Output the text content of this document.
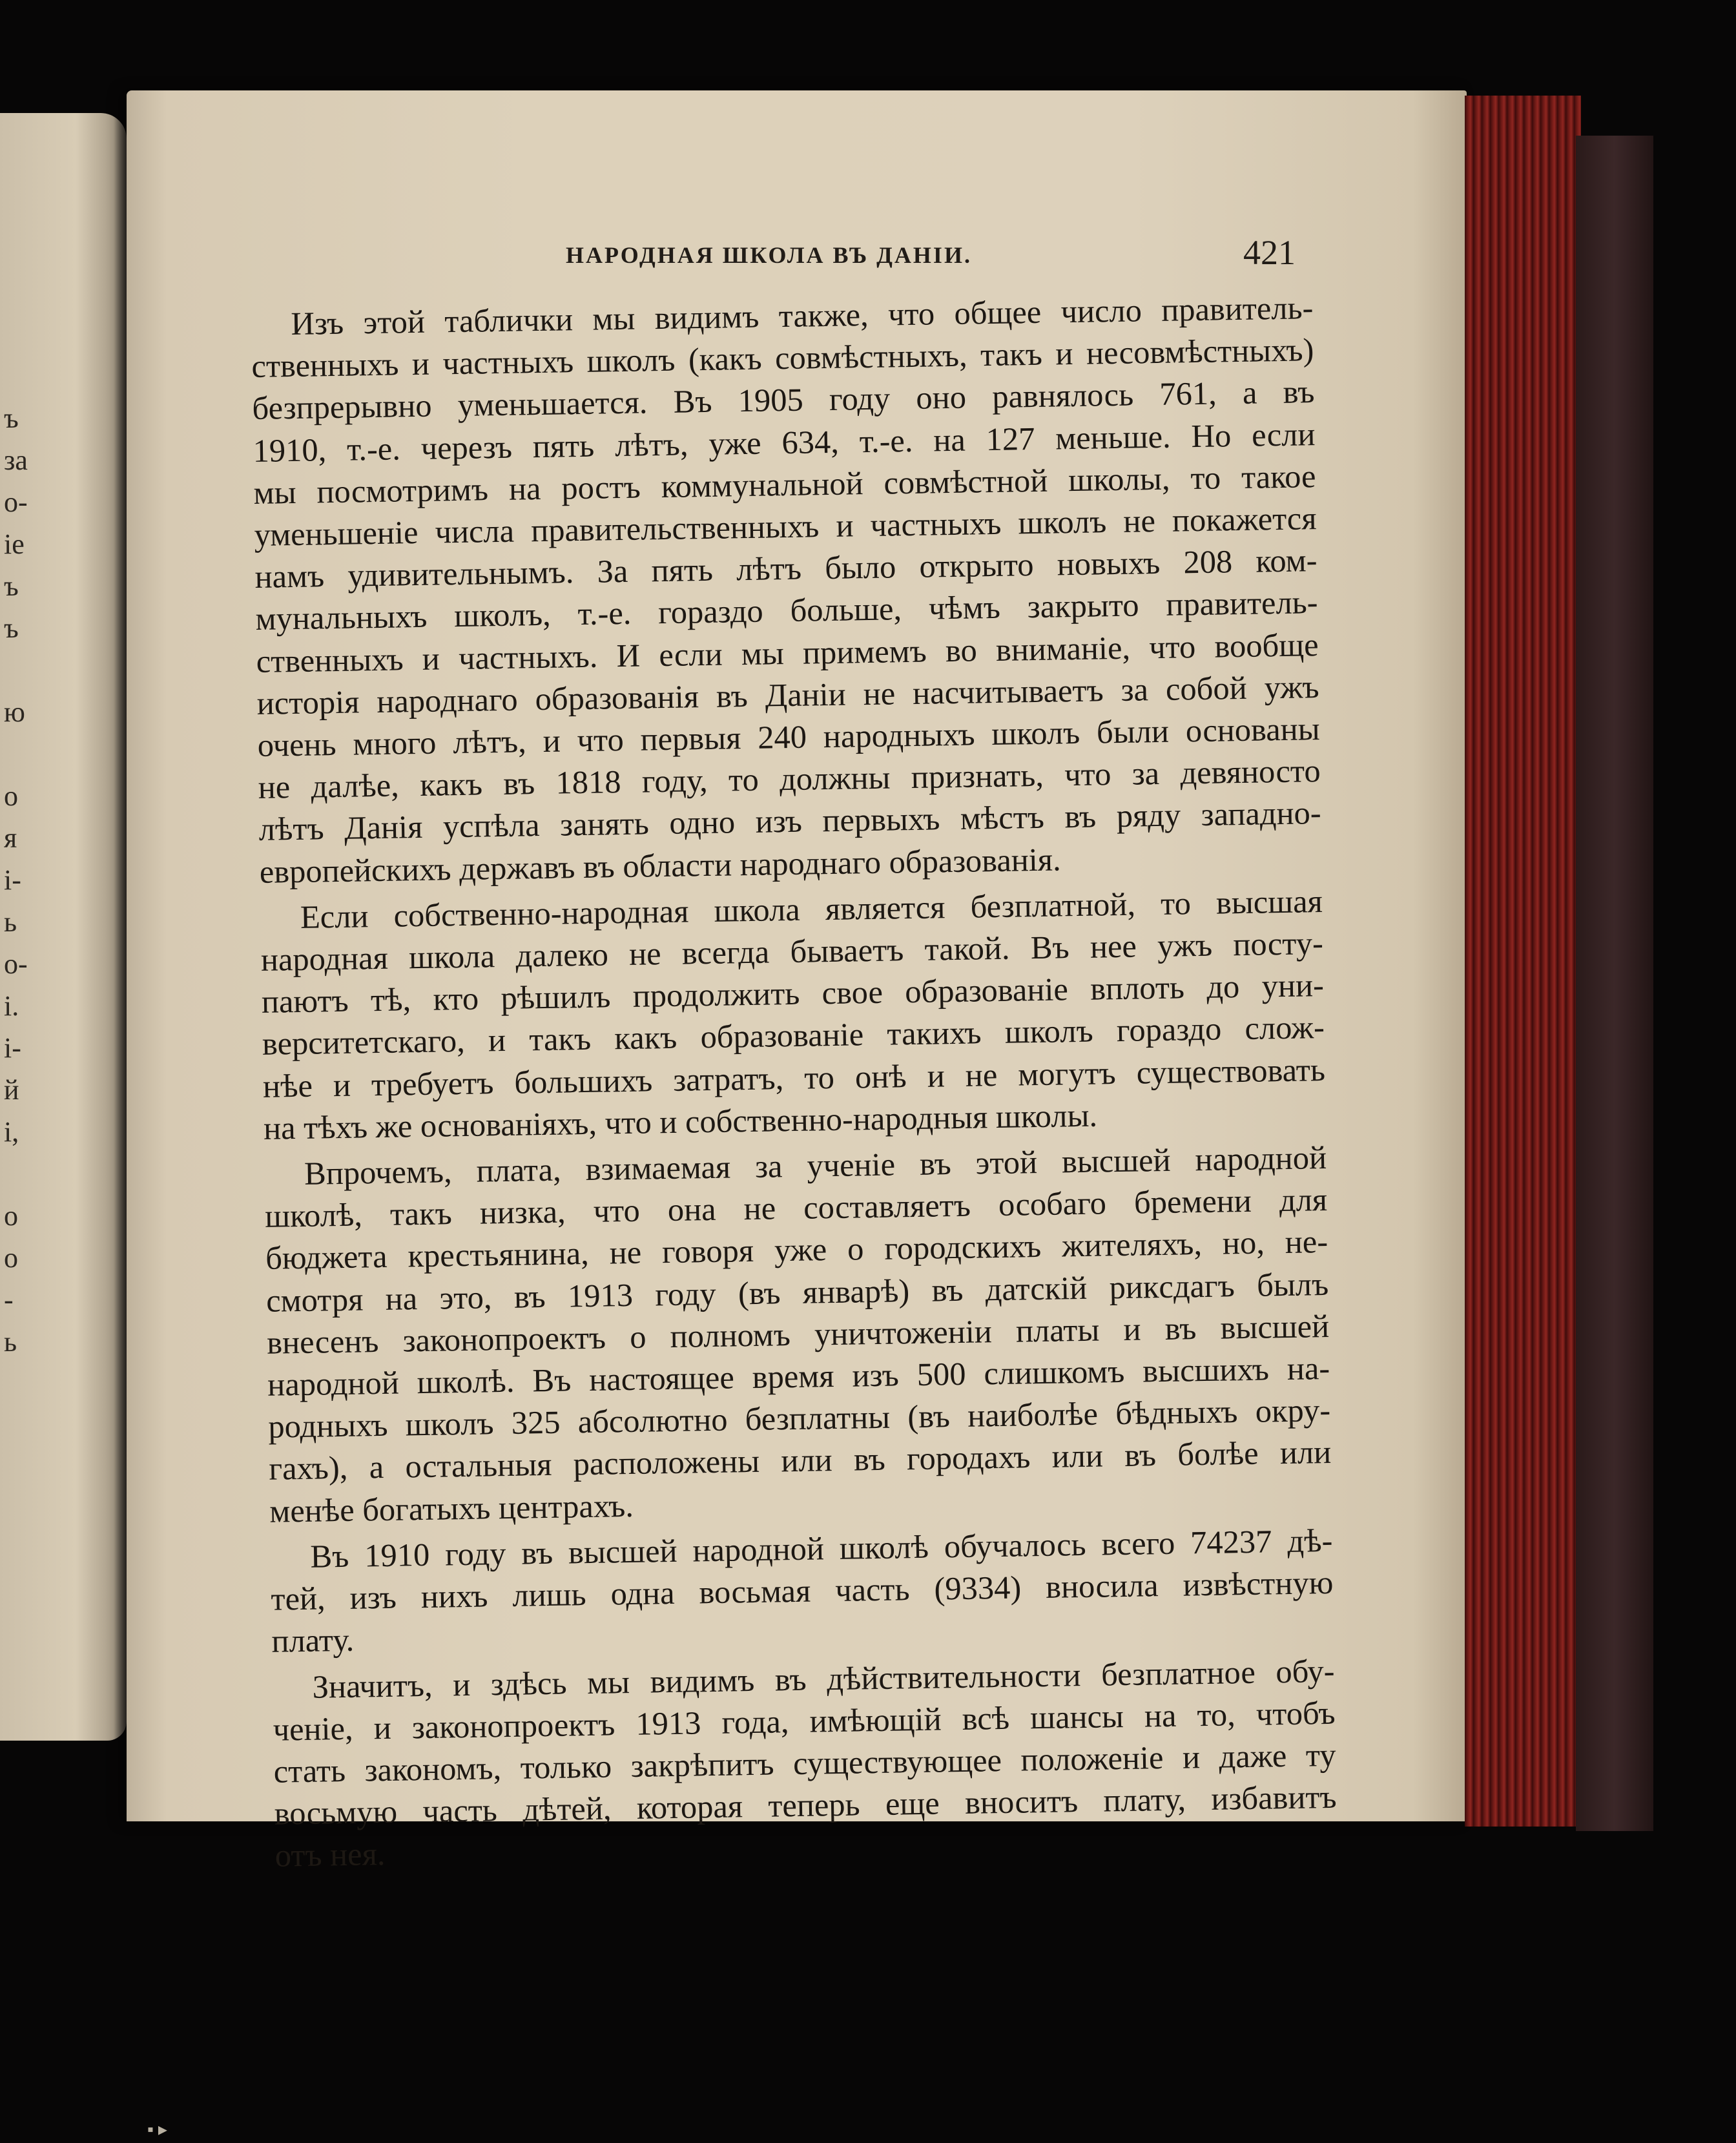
ъ
за
о-
іе
ъ
ъ
ю
о
я
і-
ь
о-
і.
і-
й
і,
о
о
-
ь
НАРОДНАЯ ШКОЛА ВЪ ДАНІИ.	421
Изъ этой таблички мы видимъ также, что общее число правитель-
ственныхъ и частныхъ школъ (какъ совмѣстныхъ, такъ и несовмѣстныхъ)
безпрерывно уменьшается. Въ 1905 году оно равнялось 761, а въ
1910, т.-е. черезъ пять лѣтъ, уже 634, т.-е. на 127 меньше. Но если
мы посмотримъ на ростъ коммунальной совмѣстной школы, то такое
уменьшеніе числа правительственныхъ и частныхъ школъ не покажется
намъ удивительнымъ. За пять лѣтъ было открыто новыхъ 208 ком-
мунальныхъ школъ, т.-е. гораздо больше, чѣмъ закрыто правитель-
ственныхъ и частныхъ. И если мы примемъ во вниманіе, что вообще
исторія народнаго образованія въ Даніи не насчитываетъ за собой ужъ
очень много лѣтъ, и что первыя 240 народныхъ школъ были основаны
не далѣе, какъ въ 1818 году, то должны признать, что за девяносто
лѣтъ Данія успѣла занять одно изъ первыхъ мѣстъ въ ряду западно-
европейскихъ державъ въ области народнаго образованія.
Если собственно-народная школа является безплатной, то высшая
народная школа далеко не всегда бываетъ такой. Въ нее ужъ посту-
паютъ тѣ, кто рѣшилъ продолжить свое образованіе вплоть до уни-
верситетскаго, и такъ какъ образованіе такихъ школъ гораздо слож-
нѣе и требуетъ большихъ затратъ, то онѣ и не могутъ существовать
на тѣхъ же основаніяхъ, что и собственно-народныя школы.
Впрочемъ, плата, взимаемая за ученіе въ этой высшей народной
школѣ, такъ низка, что она не составляетъ особаго бремени для
бюджета крестьянина, не говоря уже о городскихъ жителяхъ, но, не-
смотря на это, въ 1913 году (въ январѣ) въ датскій рикcдагъ былъ
внесенъ законопроектъ о полномъ уничтоженіи платы и въ высшей
народной школѣ. Въ настоящее время изъ 500 слишкомъ высшихъ на-
родныхъ школъ 325 абсолютно безплатны (въ наиболѣе бѣдныхъ окру-
гахъ), а остальныя расположены или въ городахъ или въ болѣе или
менѣе богатыхъ центрахъ.
Въ 1910 году въ высшей народной школѣ обучалось всего 74237 дѣ-
тей, изъ нихъ лишь одна восьмая часть (9334) вносила извѣстную
плату.
Значитъ, и здѣсь мы видимъ въ дѣйствительности безплатное обу-
ченіе, и законопроектъ 1913 года, имѣющій всѣ шансы на то, чтобъ
стать закономъ, только закрѣпитъ существующее положеніе и даже ту
восьмую часть дѣтей, которая теперь еще вноситъ плату, избавитъ
отъ нея.
▪ ▸
